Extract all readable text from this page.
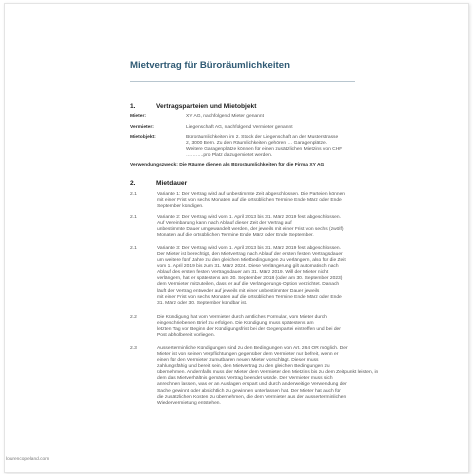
Mietvertrag für Büroräumlichkeiten
1.	Vertragsparteien und Mietobjekt
Mieter:	XY AG, nachfolgend Mieter genannt
Vermieter:	Liegenschaft AG, nachfolgend Vermieter genannt
Mietobjekt:	Büroräumlichkeiten im 2. Stock der Liegenschaft an der Musterstrasse
2, 3000 Bern. Zu den Räumlichkeiten gehören … Garagenplätze.
Weitere Garagenplätze können für einen zusätzlichen Mietzins von CHF
………..pro Platz dazugemietet werden.
Verwendungszweck: Die Räume dienen als Büroräumlichkeiten für die Firma XY AG
2.	Mietdauer
2.1	Variante 1: Der Vertrag wird auf unbestimmte Zeit abgeschlossen. Die Parteien können
mit einer Frist von sechs Monaten auf die ortsüblichen Termine Ende März oder Ende
September kündigen.
2.1	Variante 2: Der Vertrag wird vom 1. April 2013 bis 31. März 2019 fest abgeschlossen.
Auf Vereinbarung kann nach Ablauf dieser Zeit der Vertrag auf
unbestimmte Dauer umgewandelt werden, der jeweils mit einer Frist von sechs (zwölf)
Monaten auf die ortsüblichen Termine Ende März oder Ende September.
2.1	Variante 3: Der Vertrag wird vom 1. April 2013 bis 31. März 2019 fest abgeschlossen.
Der Mieter ist berechtigt, den Mietvertrag nach Ablauf der ersten festen Vertragsdauer
um weitere fünf Jahre zu den gleichen Mietbedingungen zu verlängern, also für die Zeit
vom 1. April 2019 bis zum 31. März 2024. Diese Verlängerung gilt automatisch nach
Ablauf des ersten festen Vertragsdauer am 31. März 2019. Will der Mieter nicht
verlängern, hat er spätestens am 30. September 2018 (oder am 30. September 2023)
dem Vermieter mitzuteilen, dass er auf die Verlängerungs-Option verzichtet. Danach
läuft der Vertrag entweder auf jeweils mit einer unbestimmter Dauer jeweils
mit einer Frist von sechs Monaten auf die ortsüblichen Termine Ende März oder Ende
31. März oder 30. September kündbar ist.
2.2	Die Kündigung hat vom Vermieter durch amtliches Formular, vom Mieter durch
eingeschriebenen Brief zu erfolgen. Die Kündigung muss spätestens am
letzten Tag vor Beginn der Kündigungsfrist bei der Gegenpartei eintreffen und bei der
Post abholbereit vorliegen.
2.3	Ausserterminliche Kündigungen sind zu den Bedingungen von Art. 264 OR möglich. Der
Mieter ist von seinen Verpflichtungen gegenüber dem Vermieter nur befreit, wenn er
einen für den Vermieter zumutbaren neuen Mieter vorschlägt. Dieser muss
zahlungsfähig und bereit sein, den Mietvertrag zu den gleichen Bedingungen zu
übernehmen. Andernfalls muss der Mieter dem Vermieter den Mietzins bis zu dem Zeitpunkt leisten, in
dem das Mietverhältnis gemäss Vertrag beendet würde. Der Vermieter muss sich
anrechnen lassen, was er an Auslagen erspart und durch anderweitige Verwendung der
Sache gewinnt oder absichtlich zu gewinnen unterlassen hat. Der Mieter hat auch für
die zusätzlichen Kosten zu übernehmen, die dem Vermieter aus der ausserterminlichen
Wiedervermietung entstehen.
lourencopeland.com
